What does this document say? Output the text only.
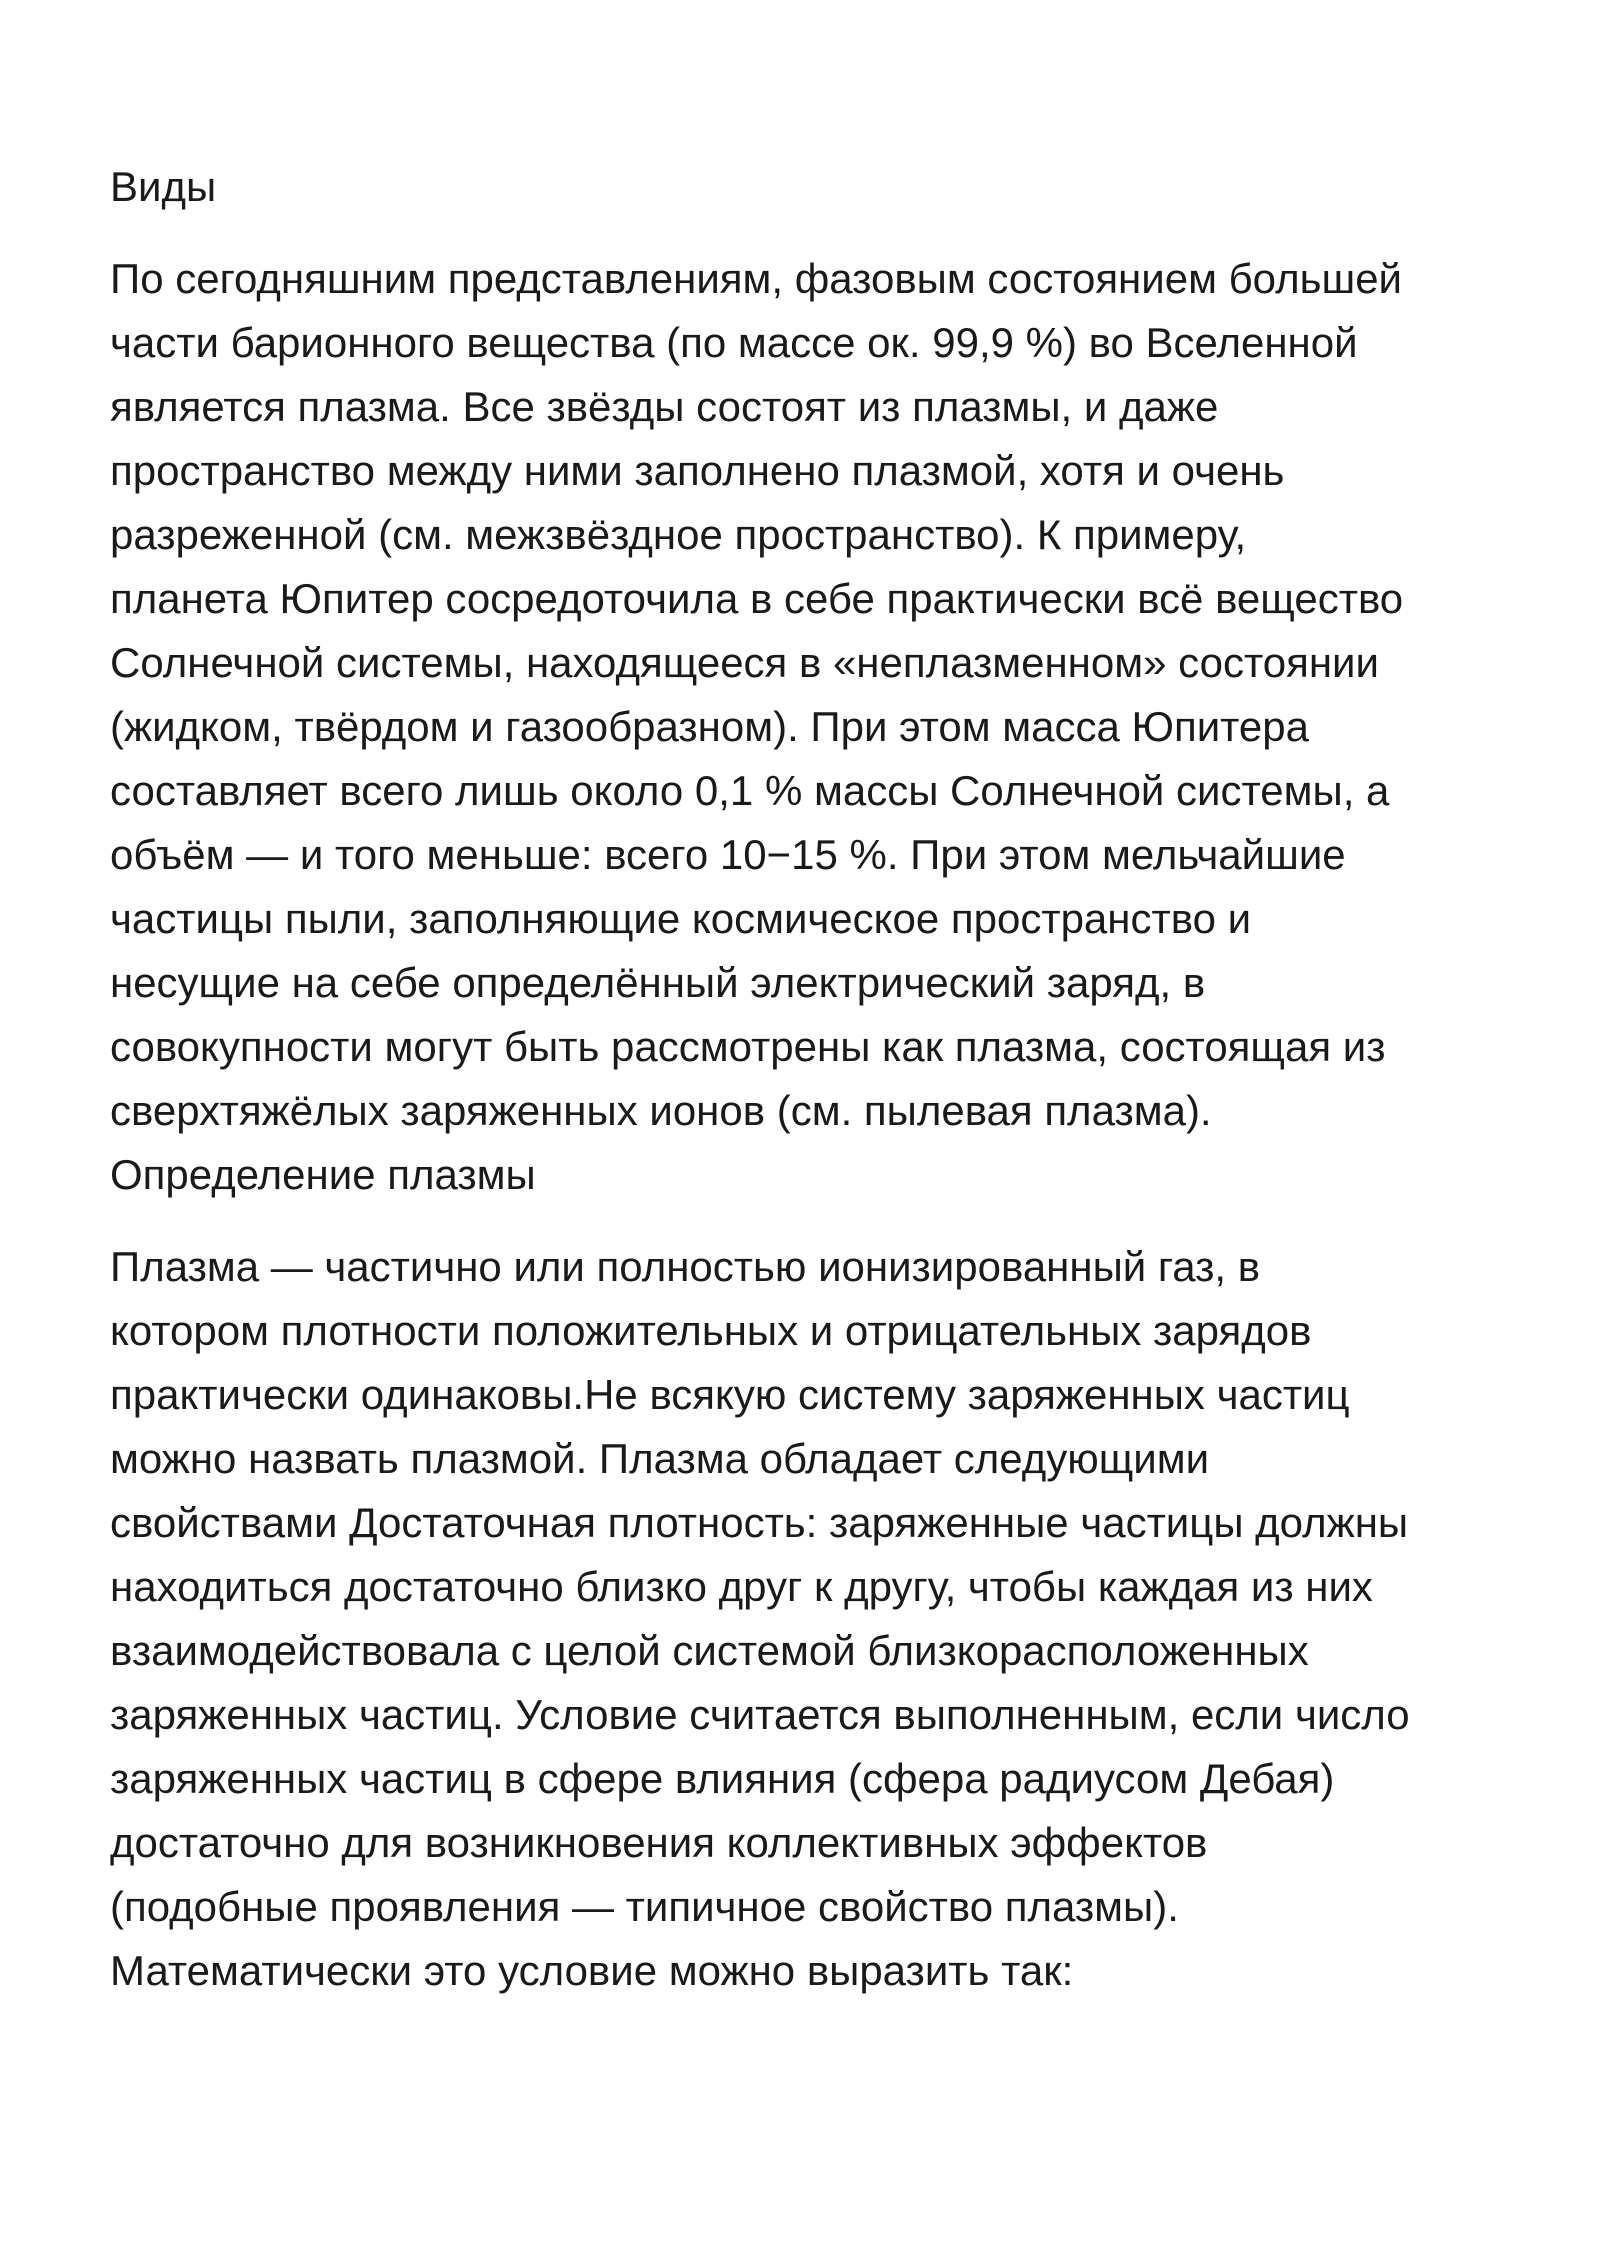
Виды

По сегодняшним представлениям, фазовым состоянием большей
части барионного вещества (по массе ок. 99,9 %) во Вселенной
является плазма. Все звёзды состоят из плазмы, и даже
пространство между ними заполнено плазмой, хотя и очень
разреженной (см. межзвёздное пространство). К примеру,
планета Юпитер сосредоточила в себе практически всё вещество
Солнечной системы, находящееся в «неплазменном» состоянии
(жидком, твёрдом и газообразном). При этом масса Юпитера
составляет всего лишь около 0,1 % массы Солнечной системы, а
объём — и того меньше: всего 10−15 %. При этом мельчайшие
частицы пыли, заполняющие космическое пространство и
несущие на себе определённый электрический заряд, в
совокупности могут быть рассмотрены как плазма, состоящая из
сверхтяжёлых заряженных ионов (см. пылевая плазма).

Определение плазмы

Плазма — частично или полностью ионизированный газ, в
котором плотности положительных и отрицательных зарядов
практически одинаковы.Не всякую систему заряженных частиц
можно назвать плазмой. Плазма обладает следующими
свойствами Достаточная плотность: заряженные частицы должны
находиться достаточно близко друг к другу, чтобы каждая из них
взаимодействовала с целой системой близкорасположенных
заряженных частиц. Условие считается выполненным, если число
заряженных частиц в сфере влияния (сфера радиусом Дебая)
достаточно для возникновения коллективных эффектов
(подобные проявления — типичное свойство плазмы).
Математически это условие можно выразить так:
